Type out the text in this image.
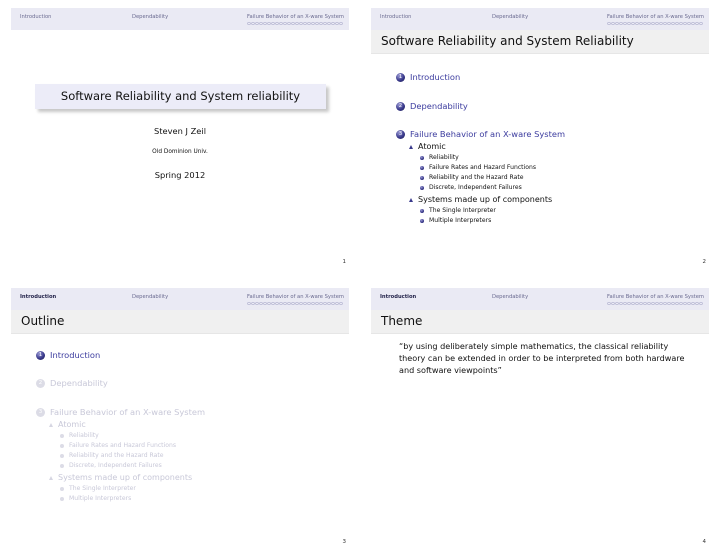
Introduction	Dependability	Failure Behavior of an X-ware System
Software Reliability and System reliability
Steven J Zeil
Old Dominion Univ.
Spring 2012
1
Introduction	Dependability	Failure Behavior of an X-ware System
Software Reliability and System Reliability
1 Introduction
2 Dependability
3 Failure Behavior of an X-ware System
Atomic
Reliability
Failure Rates and Hazard Functions
Reliability and the Hazard Rate
Discrete, Independent Failures
Systems made up of components
The Single Interpreter
Multiple Interpreters
2
Introduction	Dependability	Failure Behavior of an X-ware System
Outline
1 Introduction
2 Dependability
3 Failure Behavior of an X-ware System
Atomic
Reliability
Failure Rates and Hazard Functions
Reliability and the Hazard Rate
Discrete, Independent Failures
Systems made up of components
The Single Interpreter
Multiple Interpreters
3
Introduction	Dependability	Failure Behavior of an X-ware System
Theme
“by using deliberately simple mathematics, the classical reliability theory can be extended in order to be interpreted from both hardware and software viewpoints”
4
